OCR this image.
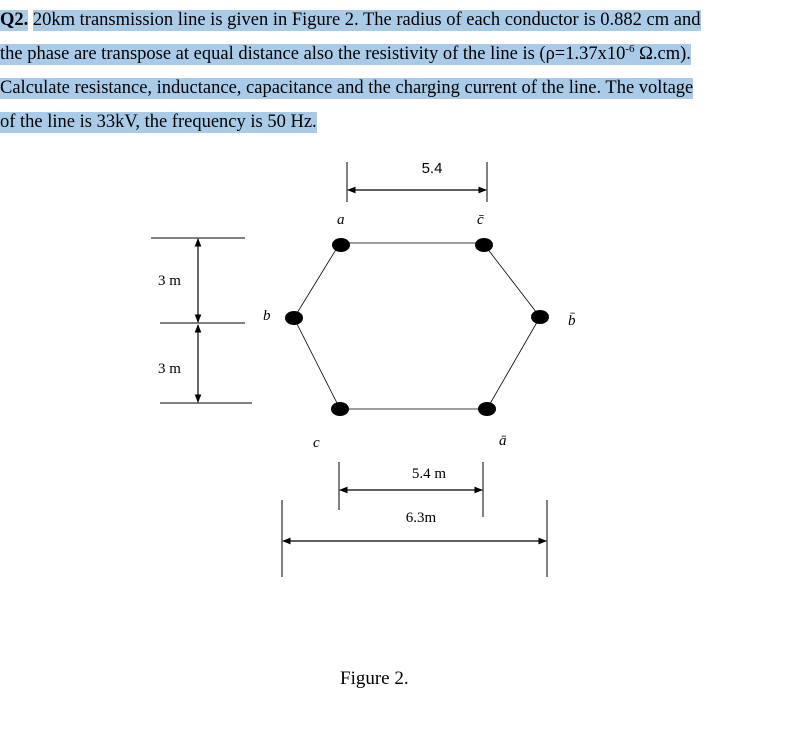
Q2. 20km transmission line is given in Figure 2. The radius of each conductor is 0.882 cm and
the phase are transpose at equal distance also the resistivity of the line is ($\rho=1.37x10^{-6}$ Ω.cm).
Calculate resistance, inductance, capacitance and the charging current of the line. The voltage
of the line is 33kV, the frequency is 50 Hz.
5.4
3 m
3 m
a	c̄
b	b̄
c	ā
5.4 m
6.3m
Figure 2.
